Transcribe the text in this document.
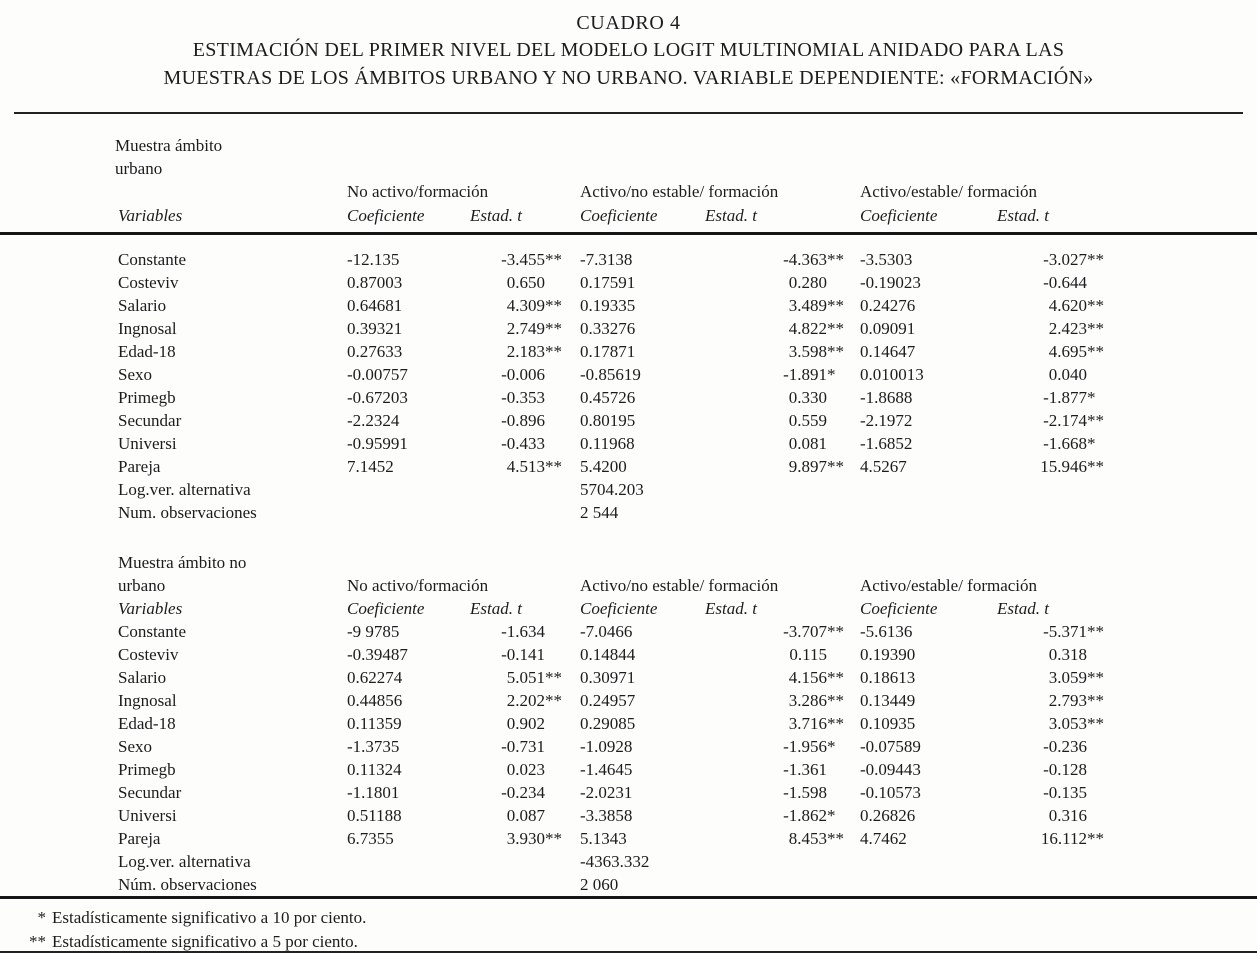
CUADRO 4
ESTIMACIÓN DEL PRIMER NIVEL DEL MODELO LOGIT MULTINOMIAL ANIDADO PARA LAS
MUESTRAS DE LOS ÁMBITOS URBANO Y NO URBANO. VARIABLE DEPENDIENTE: «FORMACIÓN»
Muestra ámbito						
urbano						
	No activo/formación		Activo/no estable/ formación		Activo/estable/ formación	
Variables	Coeficiente	Estad. t	Coeficiente	Estad. t	Coeficiente	Estad. t
Constante	-12.135	-3.455**	-7.3138	-4.363**	-3.5303	-3.027**
Costeviv	0.87003	0.650	0.17591	0.280	-0.19023	-0.644
Salario	0.64681	4.309**	0.19335	3.489**	0.24276	4.620**
Ingnosal	0.39321	2.749**	0.33276	4.822**	0.09091	2.423**
Edad-18	0.27633	2.183**	0.17871	3.598**	0.14647	4.695**
Sexo	-0.00757	-0.006	-0.85619	-1.891*	0.010013	0.040
Primegb	-0.67203	-0.353	0.45726	0.330	-1.8688	-1.877*
Secundar	-2.2324	-0.896	0.80195	0.559	-2.1972	-2.174**
Universi	-0.95991	-0.433	0.11968	0.081	-1.6852	-1.668*
Pareja	7.1452	4.513**	5.4200	9.897**	4.5267	15.946**
Log.ver. alternativa			5704.203			
Num. observaciones			2 544			
Muestra ámbito no						
urbano	No activo/formación		Activo/no estable/ formación		Activo/estable/ formación	
Variables	Coeficiente	Estad. t	Coeficiente	Estad. t	Coeficiente	Estad. t
Constante	-9 9785	-1.634	-7.0466	-3.707**	-5.6136	-5.371**
Costeviv	-0.39487	-0.141	0.14844	0.115	0.19390	0.318
Salario	0.62274	5.051**	0.30971	4.156**	0.18613	3.059**
Ingnosal	0.44856	2.202**	0.24957	3.286**	0.13449	2.793**
Edad-18	0.11359	0.902	0.29085	3.716**	0.10935	3.053**
Sexo	-1.3735	-0.731	-1.0928	-1.956*	-0.07589	-0.236
Primegb	0.11324	0.023	-1.4645	-1.361	-0.09443	-0.128
Secundar	-1.1801	-0.234	-2.0231	-1.598	-0.10573	-0.135
Universi	0.51188	0.087	-3.3858	-1.862*	0.26826	0.316
Pareja	6.7355	3.930**	5.1343	8.453**	4.7462	16.112**
Log.ver. alternativa			-4363.332			
Núm. observaciones			2 060			
* Estadísticamente significativo a 10 por ciento.
** Estadísticamente significativo a 5 por ciento.
